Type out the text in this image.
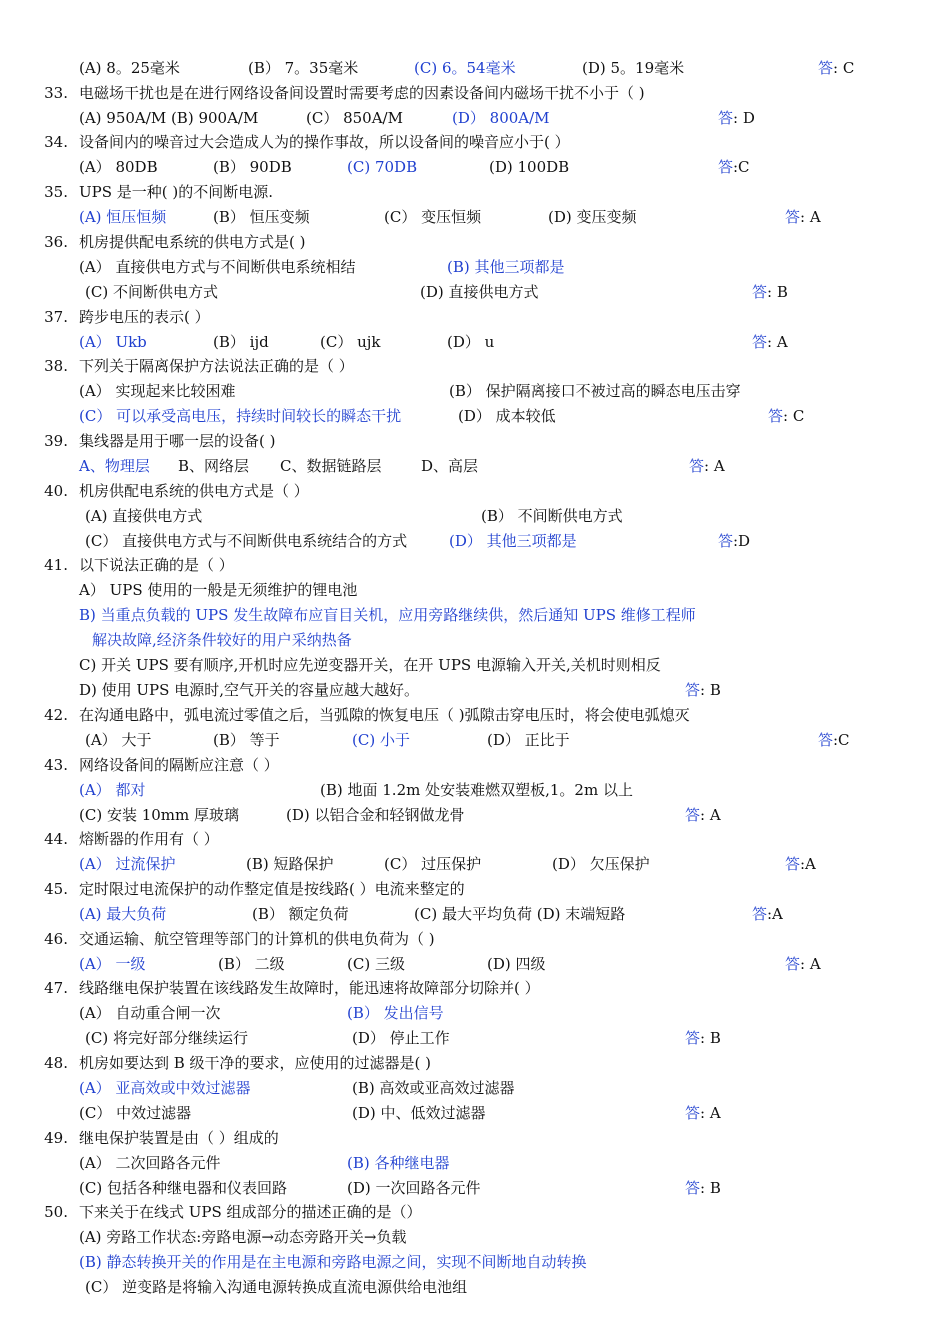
(A) 8。25毫米	(B） 7。35毫米	(C) 6。54毫米	(D) 5。19毫米	答 : C
33. 电磁场干扰也是在进行网络设备间设置时需要考虑的因素设备间内磁场干扰不小于（ )
(A) 950A/M (B) 900A/M	(C） 850A/M	(D） 800A/M	答 : D
34. 设备间内的噪音过大会造成人为的操作事故，所以设备间的噪音应小于( ）
(A） 80DB	(B） 90DB	(C) 70DB	(D) 100DB	答 :C
35. UPS 是一种( )的不间断电源.
(A) 恒压恒频	(B） 恒压变频	(C） 变压恒频	(D) 变压变频	答 : A
36. 机房提供配电系统的供电方式是( )
(A） 直接供电方式与不间断供电系统相结	(B) 其他三项都是
(C) 不间断供电方式	(D) 直接供电方式	答 : B
37. 跨步电压的表示( ）
(A） Ukb	(B） ijd	(C） ujk	(D） u	答 : A
38. 下列关于隔离保护方法说法正确的是（ ）
(A） 实现起来比较困难	(B） 保护隔离接口不被过高的瞬态电压击穿
(C） 可以承受高电压，持续时间较长的瞬态干扰	(D） 成本较低	答 : C
39. 集线器是用于哪一层的设备( )
A、物理层 B、网络层 C、数据链路层	D、高层	答 : A
40. 机房供配电系统的供电方式是（ ）
(A) 直接供电方式	(B） 不间断供电方式
(C） 直接供电方式与不间断供电系统结合的方式	(D） 其他三项都是	答 :D
41. 以下说法正确的是（ ）
A） UPS 使用的一般是无须维护的锂电池
B) 当重点负载的 UPS 发生故障布应盲目关机，应用旁路继续供，然后通知 UPS 维修工程师
解决故障,经济条件较好的用户采纳热备
C) 开关 UPS 要有顺序,开机时应先逆变器开关，在开 UPS 电源输入开关,关机时则相反
D) 使用 UPS 电源时,空气开关的容量应越大越好。	答 : B
42. 在沟通电路中，弧电流过零值之后，当弧隙的恢复电压（ )弧隙击穿电压时，将会使电弧熄灭
(A） 大于	(B） 等于	(C) 小于	(D） 正比于	答 :C
43. 网络设备间的隔断应注意（ ）
(A） 都对	(B) 地面 1.2m 处安装难燃双塑板,1。2m 以上
(C) 安装 10mm 厚玻璃	(D) 以铝合金和轻钢做龙骨	答 : A
44. 熔断器的作用有（ ）
(A） 过流保护	(B) 短路保护	(C） 过压保护	(D） 欠压保护	答 :A
45. 定时限过电流保护的动作整定值是按线路( ）电流来整定的
(A) 最大负荷	(B） 额定负荷	(C) 最大平均负荷 (D) 末端短路	答 :A
46. 交通运输、航空管理等部门的计算机的供电负荷为（ )
(A） 一级	(B） 二级	(C) 三级	(D) 四级	答 : A
47. 线路继电保护装置在该线路发生故障时，能迅速将故障部分切除并( ）
(A） 自动重合闸一次	(B） 发出信号
(C) 将完好部分继续运行	(D） 停止工作	答 : B
48. 机房如要达到 B 级干净的要求，应使用的过滤器是( )
(A） 亚高效或中效过滤器	(B) 高效或亚高效过滤器
(C） 中效过滤器	(D) 中、低效过滤器	答 : A
49. 继电保护装置是由（ ）组成的
(A） 二次回路各元件	(B) 各种继电器
(C) 包括各种继电器和仪表回路	(D) 一次回路各元件	答 : B
50. 下来关于在线式 UPS 组成部分的描述正确的是（）
(A) 旁路工作状态:旁路电源→动态旁路开关→负载
(B) 静态转换开关的作用是在主电源和旁路电源之间，实现不间断地自动转换
(C） 逆变路是将输入沟通电源转换成直流电源供给电池组
